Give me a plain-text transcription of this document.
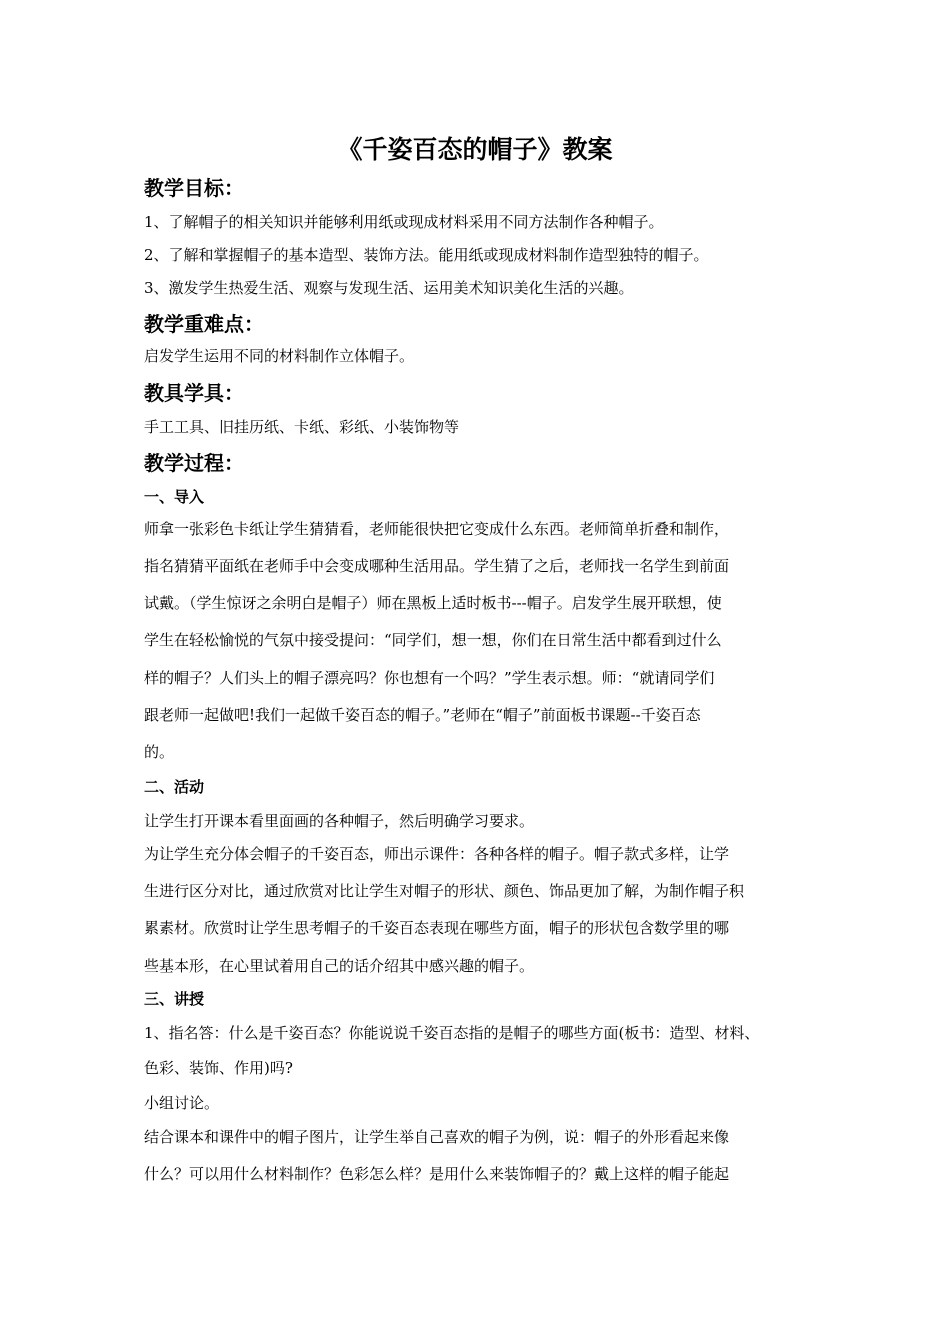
《千姿百态的帽子》教案
教学目标：
1、了解帽子的相关知识并能够利用纸或现成材料采用不同方法制作各种帽子。
2、了解和掌握帽子的基本造型、装饰方法。能用纸或现成材料制作造型独特的帽子。
3、激发学生热爱生活、观察与发现生活、运用美术知识美化生活的兴趣。
教学重难点：
启发学生运用不同的材料制作立体帽子。
教具学具：
手工工具、旧挂历纸、卡纸、彩纸、小装饰物等
教学过程：
一、导入
师拿一张彩色卡纸让学生猜猜看，老师能很快把它变成什么东西。老师简单折叠和制作，
指名猜猜平面纸在老师手中会变成哪种生活用品。学生猜了之后，老师找一名学生到前面
试戴。（学生惊讶之余明白是帽子）师在黑板上适时板书---帽子。启发学生展开联想，使
学生在轻松愉悦的气氛中接受提问：“同学们，想一想，你们在日常生活中都看到过什么
样的帽子？人们头上的帽子漂亮吗？你也想有一个吗？”学生表示想。师：“就请同学们
跟老师一起做吧!我们一起做千姿百态的帽子。”老师在“帽子”前面板书课题--千姿百态
的。
二、活动
让学生打开课本看里面画的各种帽子，然后明确学习要求。
为让学生充分体会帽子的千姿百态，师出示课件：各种各样的帽子。帽子款式多样，让学
生进行区分对比，通过欣赏对比让学生对帽子的形状、颜色、饰品更加了解，为制作帽子积
累素材。欣赏时让学生思考帽子的千姿百态表现在哪些方面，帽子的形状包含数学里的哪
些基本形，在心里试着用自己的话介绍其中感兴趣的帽子。
三、讲授
1、指名答：什么是千姿百态？你能说说千姿百态指的是帽子的哪些方面(板书：造型、材料、
色彩、装饰、作用)吗?
小组讨论。
结合课本和课件中的帽子图片，让学生举自己喜欢的帽子为例，说：帽子的外形看起来像
什么？可以用什么材料制作？色彩怎么样？是用什么来装饰帽子的？戴上这样的帽子能起
